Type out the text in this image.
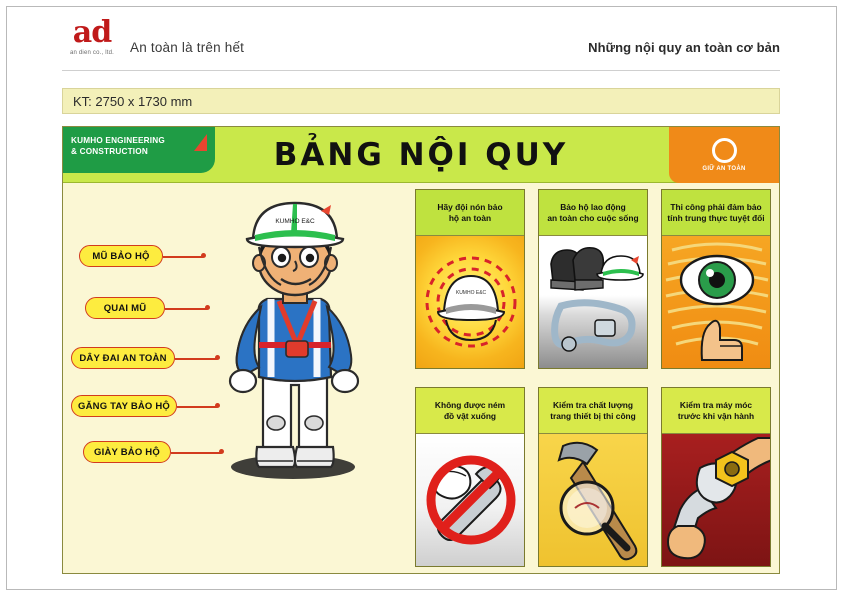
ad
an dien co., ltd.	An toàn là trên hết	Những nội quy an toàn cơ bản
KT: 2750 x 1730 mm
BẢNG NỘI QUY
KUMHO ENGINEERING
& CONSTRUCTION
GIỮ AN TOÀN
KUMHO E&C
MŨ BẢO HỘ
QUAI MŨ
DÂY ĐAI AN TOÀN
GĂNG TAY BẢO HỘ
GIÀY BẢO HỘ
Hãy đội nón bảo
hộ an toàn
KUMHO E&C
Bảo hộ lao động
an toàn cho cuộc sống
Thi công phải đảm bảo
tính trung thực tuyệt đối
Không được ném
đồ vật xuống
Kiểm tra chất lượng
trang thiết bị thi công
Kiểm tra máy móc
trước khi vận hành
